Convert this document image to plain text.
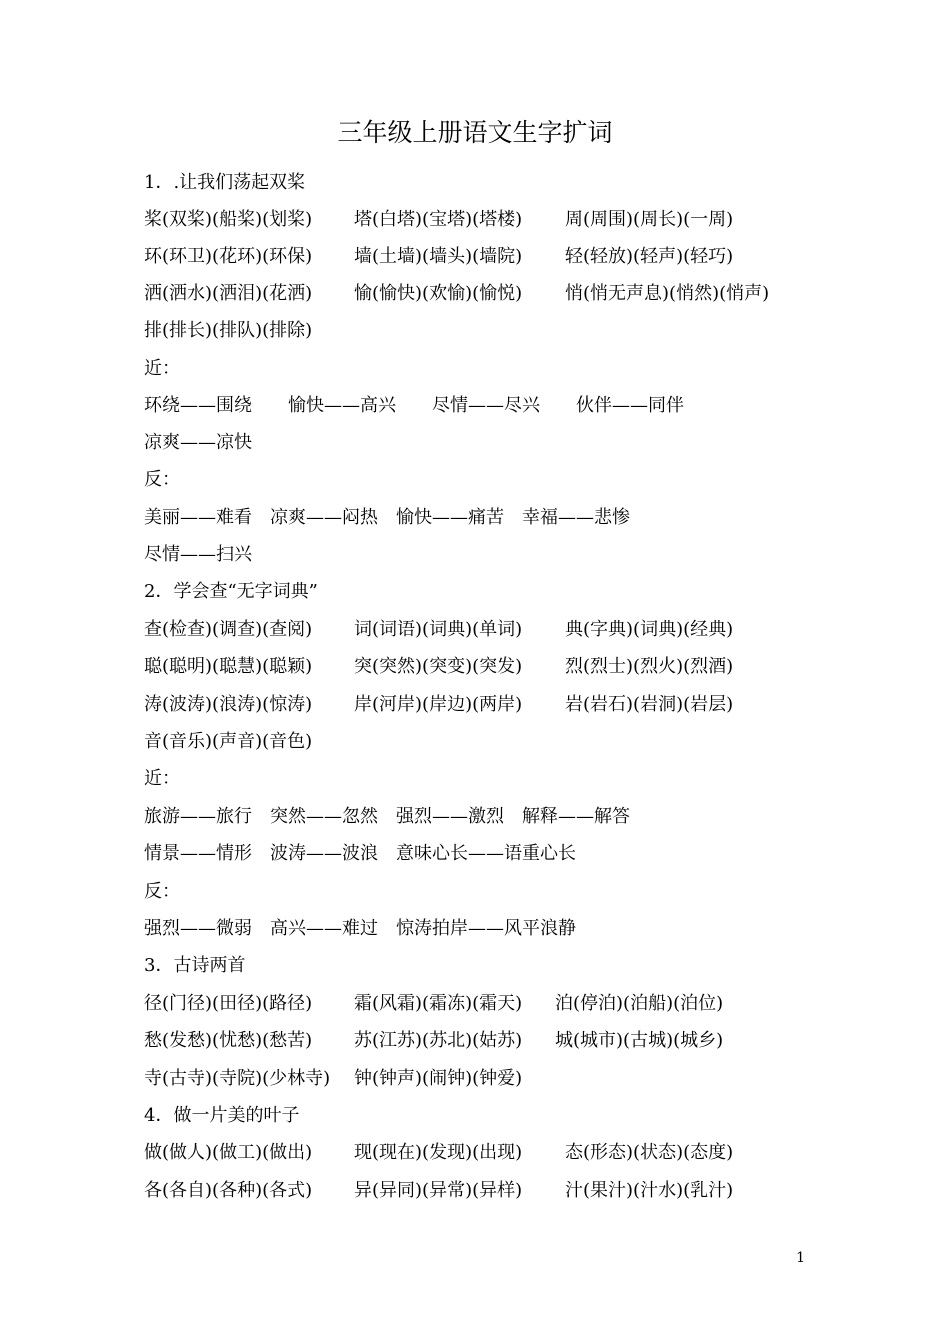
三年级上册语文生字扩词
1．.让我们荡起双桨

桨(双桨)(船桨)(划桨)

塔(白塔)(宝塔)(塔楼)

周(周围)(周长)(一周)

环(环卫)(花环)(环保)

墙(土墙)(墙头)(墙院)

轻(轻放)(轻声)(轻巧)

洒(洒水)(洒泪)(花洒)

愉(愉快)(欢愉)(愉悦)

悄(悄无声息)(悄然)(悄声)

排(排长)(排队)(排除)

近：
环绕——围绕　　愉快——高兴　　尽情——尽兴　　伙伴——同伴
凉爽——凉快
反：
美丽——难看　凉爽——闷热　愉快——痛苦　幸福——悲惨
尽情——扫兴
2．学会查“无字词典”

查(检查)(调查)(查阅)

词(词语)(词典)(单词)

典(字典)(词典)(经典)

聪(聪明)(聪慧)(聪颖)

突(突然)(突变)(突发)

烈(烈士)(烈火)(烈酒)

涛(波涛)(浪涛)(惊涛)

岸(河岸)(岸边)(两岸)

岩(岩石)(岩洞)(岩层)

音(音乐)(声音)(音色)

近：
旅游——旅行　突然——忽然　强烈——激烈　解释——解答
情景——情形　波涛——波浪　意味心长——语重心长
反：
强烈——微弱　高兴——难过　惊涛拍岸——风平浪静
3．古诗两首

径(门径)(田径)(路径)

霜(风霜)(霜冻)(霜天)

泊(停泊)(泊船)(泊位)

愁(发愁)(忧愁)(愁苦)

苏(江苏)(苏北)(姑苏)

城(城市)(古城)(城乡)

寺(古寺)(寺院)(少林寺)

钟(钟声)(闹钟)(钟爱)

4．做一片美的叶子

做(做人)(做工)(做出)

现(现在)(发现)(出现)

态(形态)(状态)(态度)

各(各自)(各种)(各式)

异(异同)(异常)(异样)

汁(果汁)(汁水)(乳汁)

1
